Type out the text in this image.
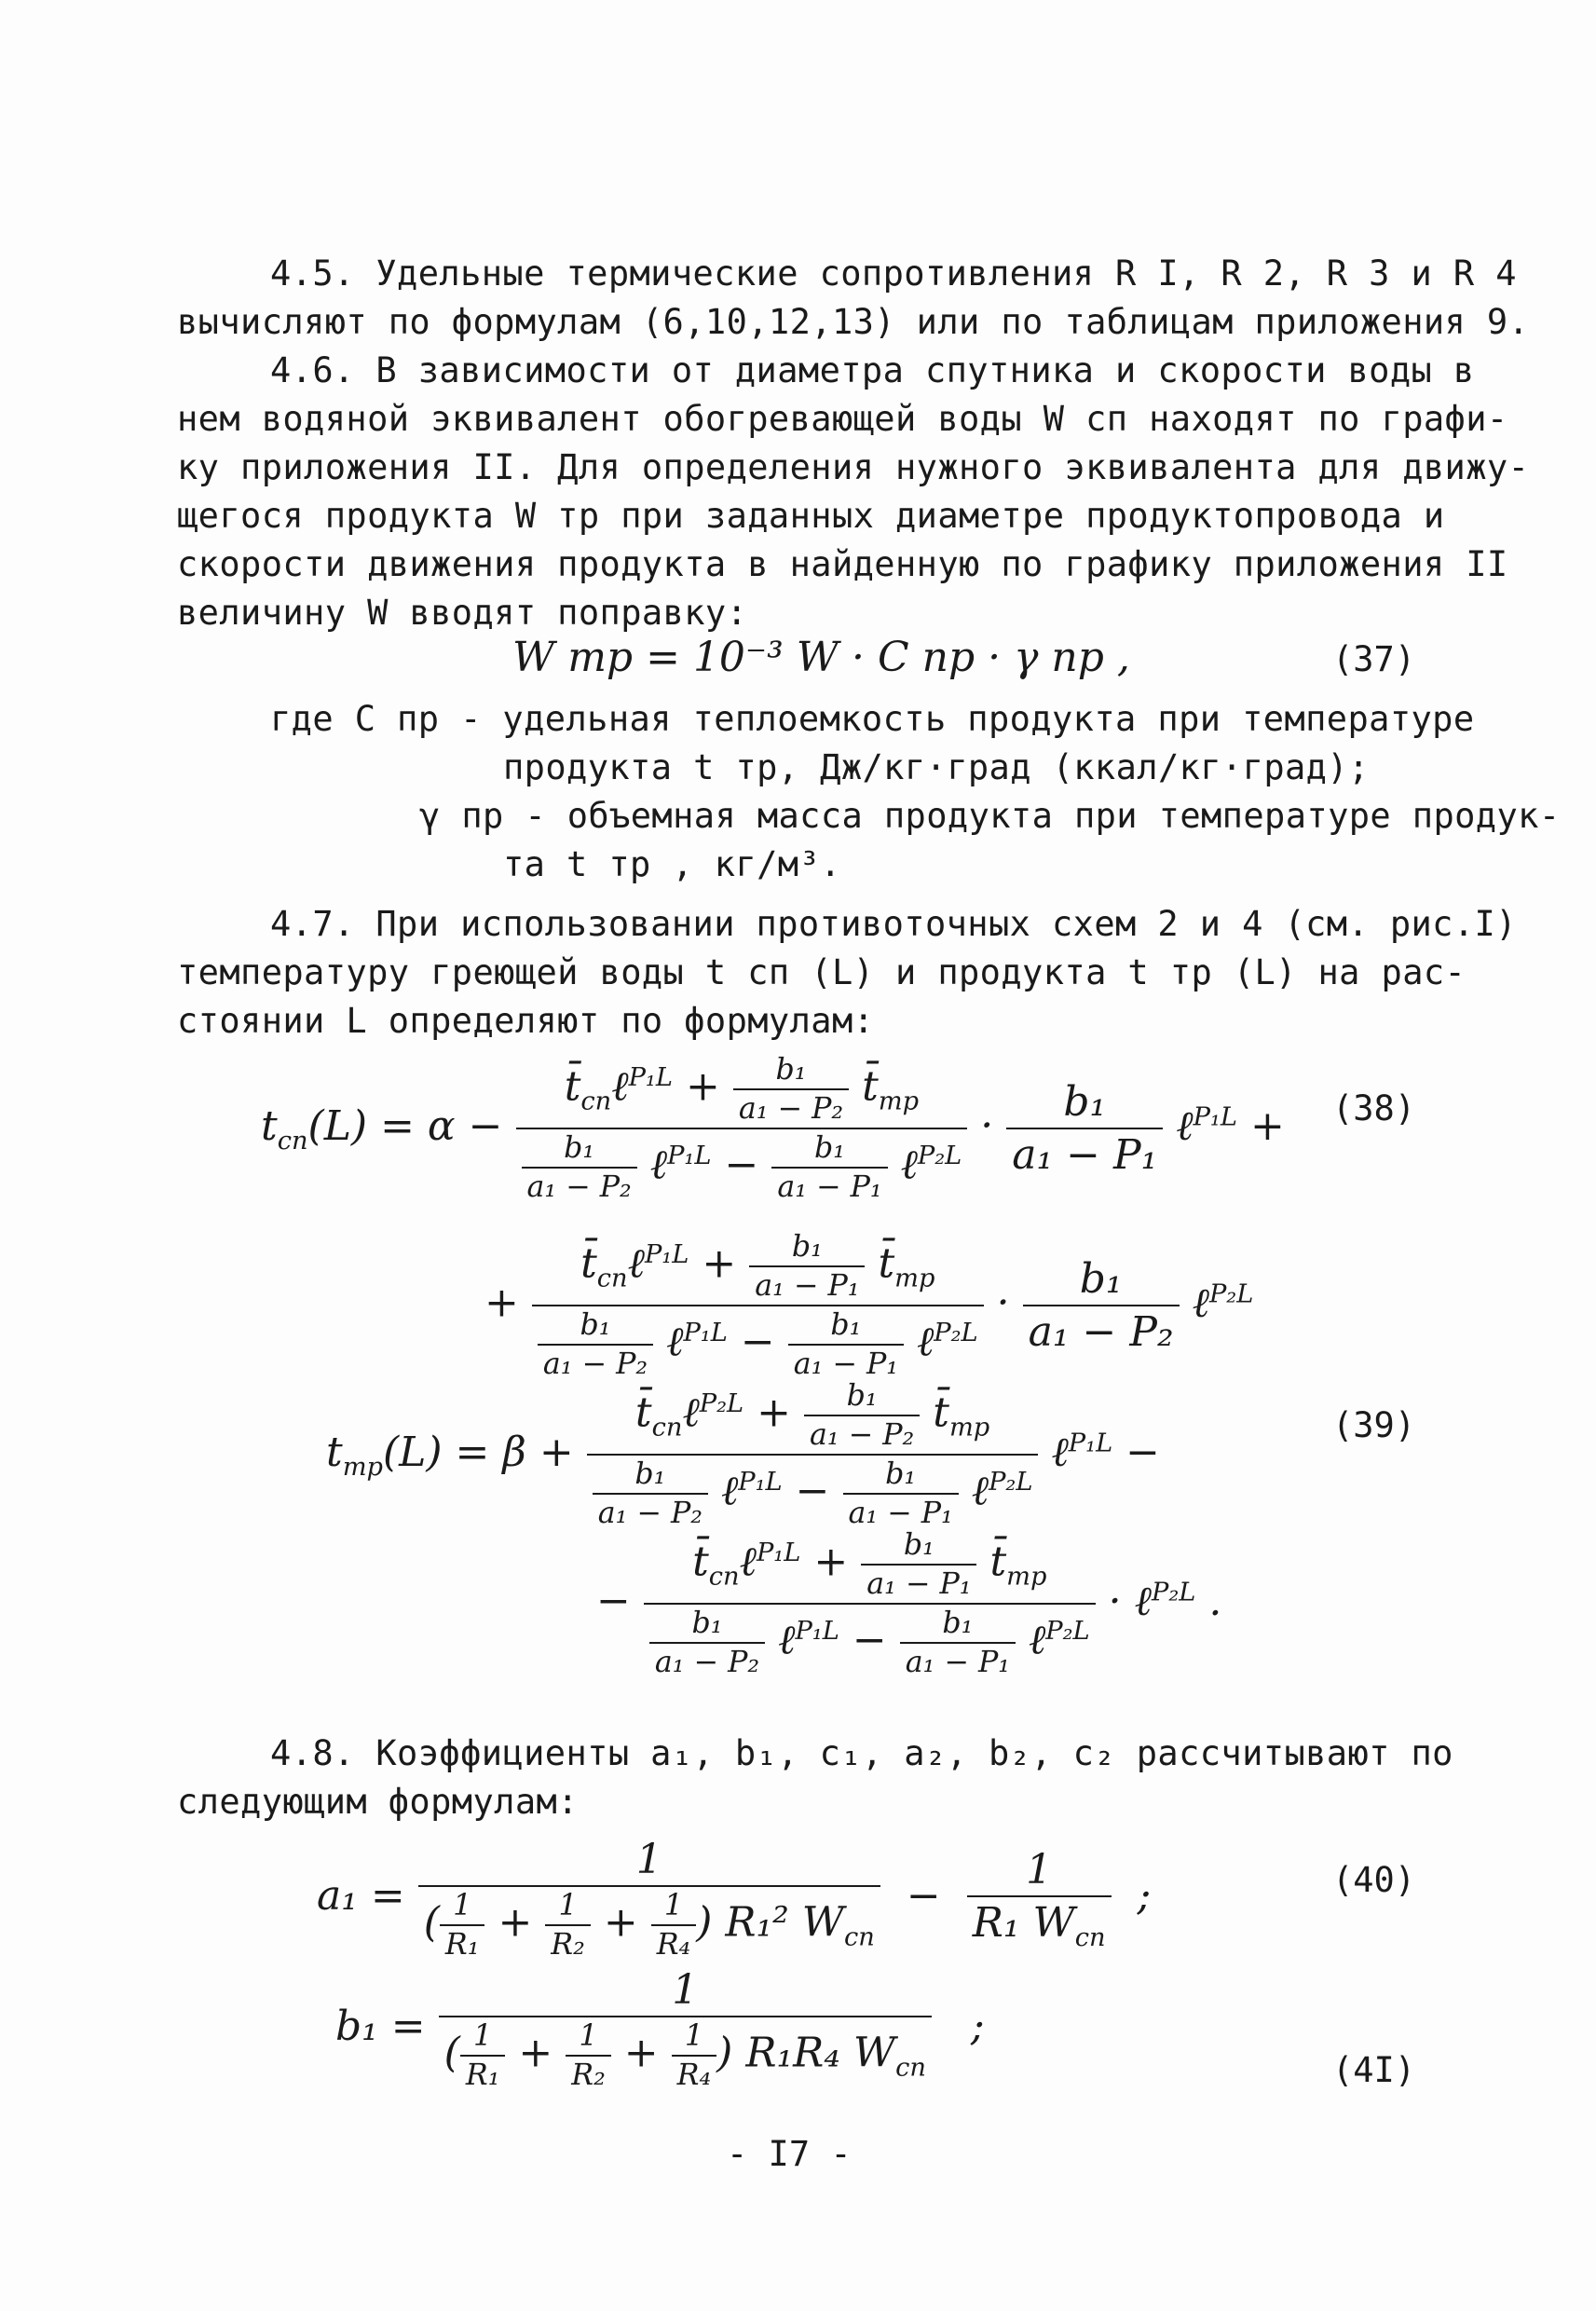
4.5. Удельные термические сопротивления R I, R 2, R 3 и R 4
вычисляют по формулам (6,10,12,13) или по таблицам приложения 9.
4.6. В зависимости от диаметра спутника и скорости воды в
нем водяной эквивалент обогревающей воды W сп находят по графи-
ку приложения II. Для определения нужного эквивалента для движу-
щегося продукта W тр при заданных диаметре продуктопровода и
скорости движения продукта в найденную по графику приложения II
величину W вводят поправку:
W тр = 10⁻³ W · C пр · γ пр ,	(37)
где C пр - удельная теплоемкость продукта при температуре
продукта t тр, Дж/кг·град (ккал/кг·град);
γ пр - объемная масса продукта при температуре продук-
та t тр , кг/м³.
4.7. При использовании противоточных схем 2 и 4 (см. рис.I)
температуру греющей воды t сп (L) и продукта t тр (L) на рас-
стоянии L определяют по формулам:
$t_{сп}(L) = \alpha - \frac{t̄_{сп}\ell^{P_1L} + \frac{\text{b₁}}{\text{a₁ − P₂}} t̄_{тр}}{\frac{\text{b₁}}{\text{a₁ − P₂}} \ell^{P_1L} - \frac{\text{b₁}}{\text{a₁ − P₁}} \ell^{P_2L}} \cdot \frac{\text{b₁}}{\text{a₁ − P₁}}$ ℓ$^{P_1L}$ + (38)
+ $\frac{t̄_{сп}\ell^{P_1L} + \frac{\text{b₁}}{\text{a₁ − P₁}} t̄_{тр}}{\frac{\text{b₁}}{\text{a₁ − P₂}} \ell^{P_1L} - \frac{\text{b₁}}{\text{a₁ − P₁}} \ell^{P_2L}} \cdot \frac{\text{b₁}}{\text{a₁ − P₂}}$ ℓ$^{P_2L}$
$t_{тр}(L) = \beta + \frac{t̄_{сп}\ell^{P_2L} + \frac{\text{b₁}}{\text{a₁ − P₂}} t̄_{тр}}{\frac{\text{b₁}}{\text{a₁ − P₂}} \ell^{P_1L} - \frac{\text{b₁}}{\text{a₁ − P₁}} \ell^{P_2L}}$ ℓ$^{P_1L}$ −
(39)
− $\frac{t̄_{сп}\ell^{P_1L} + \frac{\text{b₁}}{\text{a₁ − P₁}} t̄_{тр}}{\frac{\text{b₁}}{\text{a₁ − P₂}} \ell^{P_1L} - \frac{\text{b₁}}{\text{a₁ − P₁}} \ell^{P_2L}}$ · ℓ$^{P_2L}$ .
4.8. Коэффициенты a₁, b₁, c₁, a₂, b₂, c₂ рассчитывают по
следующим формулам:
$a_1 = \frac{1}{( \frac{1}{\text{R₁}} + \frac{1}{\text{R₂}} + \frac{1}{\text{R₄}} ) R_1^2 W_{сп}} - \frac{1}{R_1 W_{сп}}$ ;	(40)
$b_1 = \frac{1}{( \frac{1}{\text{R₁}} + \frac{1}{\text{R₂}} + \frac{1}{\text{R₄}} ) R_1R_4 W_{сп}}$ ;
(4I)
- I7 -
